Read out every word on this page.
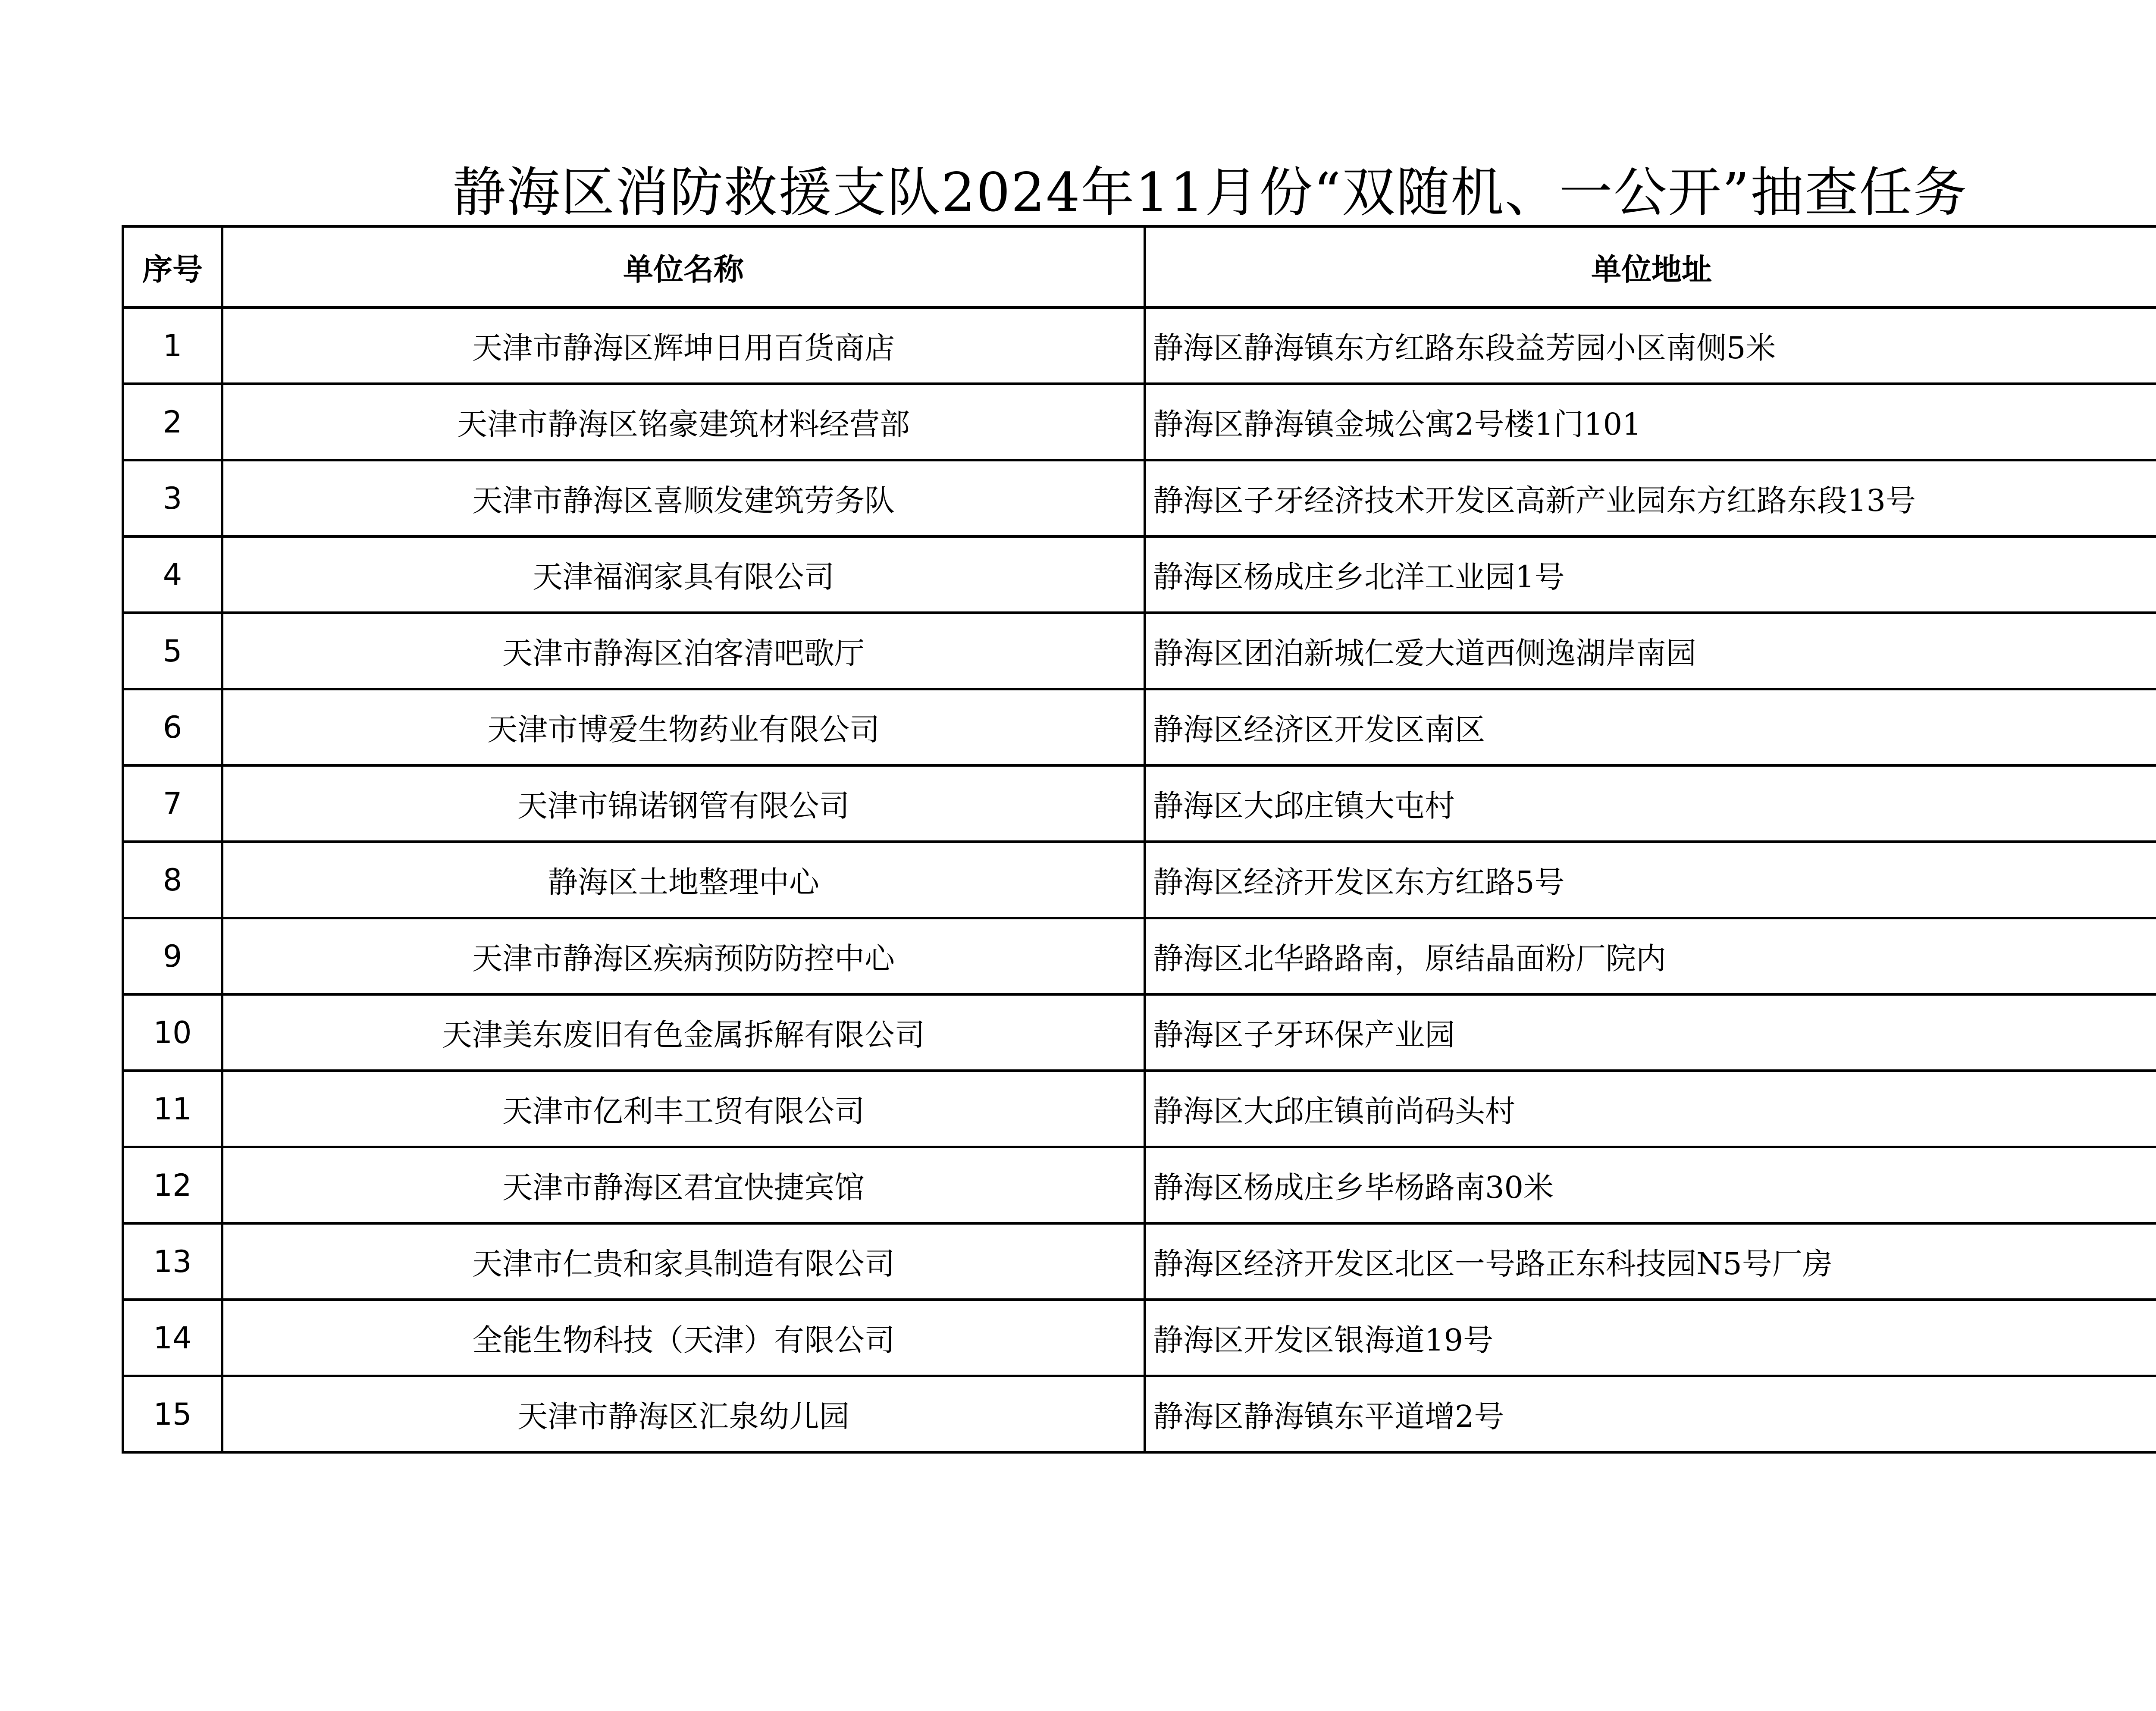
静海区消防救援支队2024年11月份“双随机、一公开”抽查任务
序号	单位名称	单位地址	
1	天津市静海区辉坤日用百货商店	静海区静海镇东方红路东段益芳园小区南侧5米	
2	天津市静海区铭豪建筑材料经营部	静海区静海镇金城公寓2号楼1门101	
3	天津市静海区喜顺发建筑劳务队	静海区子牙经济技术开发区高新产业园东方红路东段13号	
4	天津福润家具有限公司	静海区杨成庄乡北洋工业园1号	
5	天津市静海区泊客清吧歌厅	静海区团泊新城仁爱大道西侧逸湖岸南园	
6	天津市博爱生物药业有限公司	静海区经济区开发区南区	
7	天津市锦诺钢管有限公司	静海区大邱庄镇大屯村	
8	静海区土地整理中心	静海区经济开发区东方红路5号	
9	天津市静海区疾病预防防控中心	静海区北华路路南，原结晶面粉厂院内	
10	天津美东废旧有色金属拆解有限公司	静海区子牙环保产业园	
11	天津市亿利丰工贸有限公司	静海区大邱庄镇前尚码头村	
12	天津市静海区君宜快捷宾馆	静海区杨成庄乡毕杨路南30米	
13	天津市仁贵和家具制造有限公司	静海区经济开发区北区一号路正东科技园N5号厂房	
14	全能生物科技（天津）有限公司	静海区开发区银海道19号	
15	天津市静海区汇泉幼儿园	静海区静海镇东平道增2号	
